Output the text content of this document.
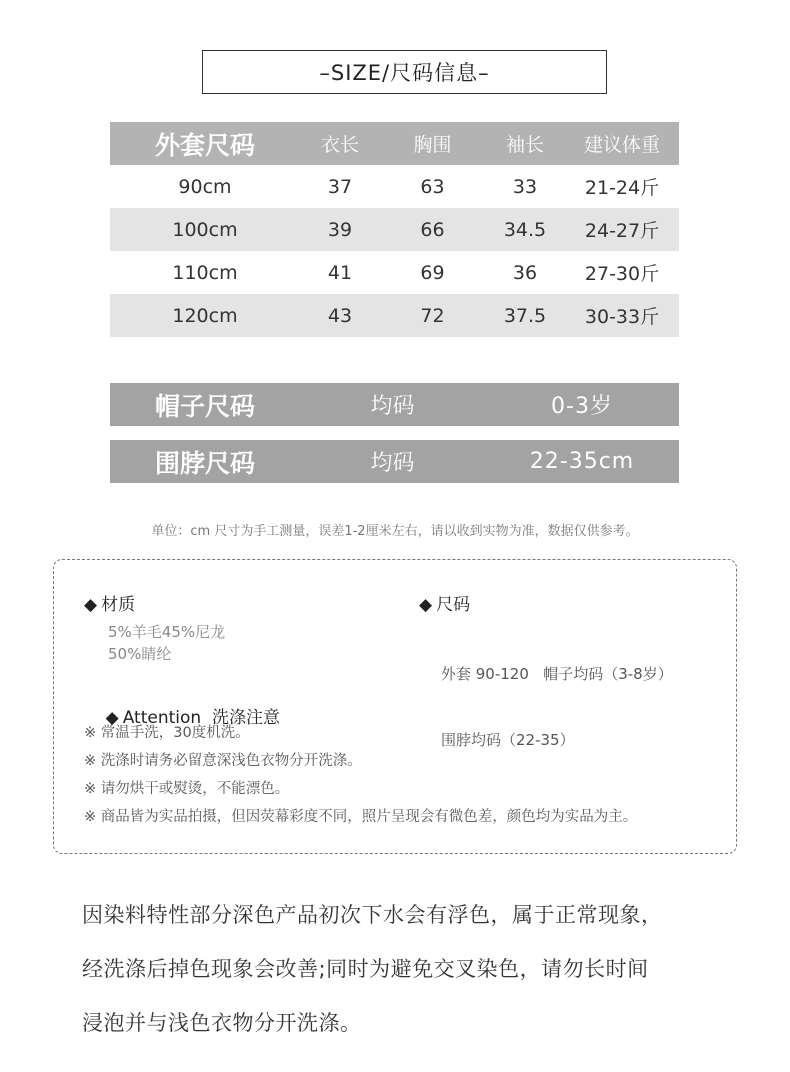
–SIZE/尺码信息–
外套尺码	衣长	胸围	袖长	建议体重
90cm	37	63	33	21-24斤
100cm	39	66	34.5	24-27斤
110cm	41	69	36	27-30斤
120cm	43	72	37.5	30-33斤
帽子尺码	均码	0-3岁
围脖尺码	均码	22-35cm
单位：cm 尺寸为手工测量，误差1-2厘米左右，请以收到实物为准，数据仅供参考。
◆ 材质
5%羊毛45%尼龙
50%睛纶
◆ 尺码

外套 90-120   帽子均码（3-8岁）

围脖均码（22-35）

◆ Attention  洗涤注意

※ 常温手洗，30度机洗。
※ 洗涤时请务必留意深浅色衣物分开洗涤。
※ 请勿烘干或熨烫，不能漂色。
※ 商品皆为实品拍摄，但因荧幕彩度不同，照片呈现会有微色差，颜色均为实品为主。
因染料特性部分深色产品初次下水会有浮色，属于正常现象，
经洗涤后掉色现象会改善;同时为避免交叉染色，请勿长时间
浸泡并与浅色衣物分开洗涤。
